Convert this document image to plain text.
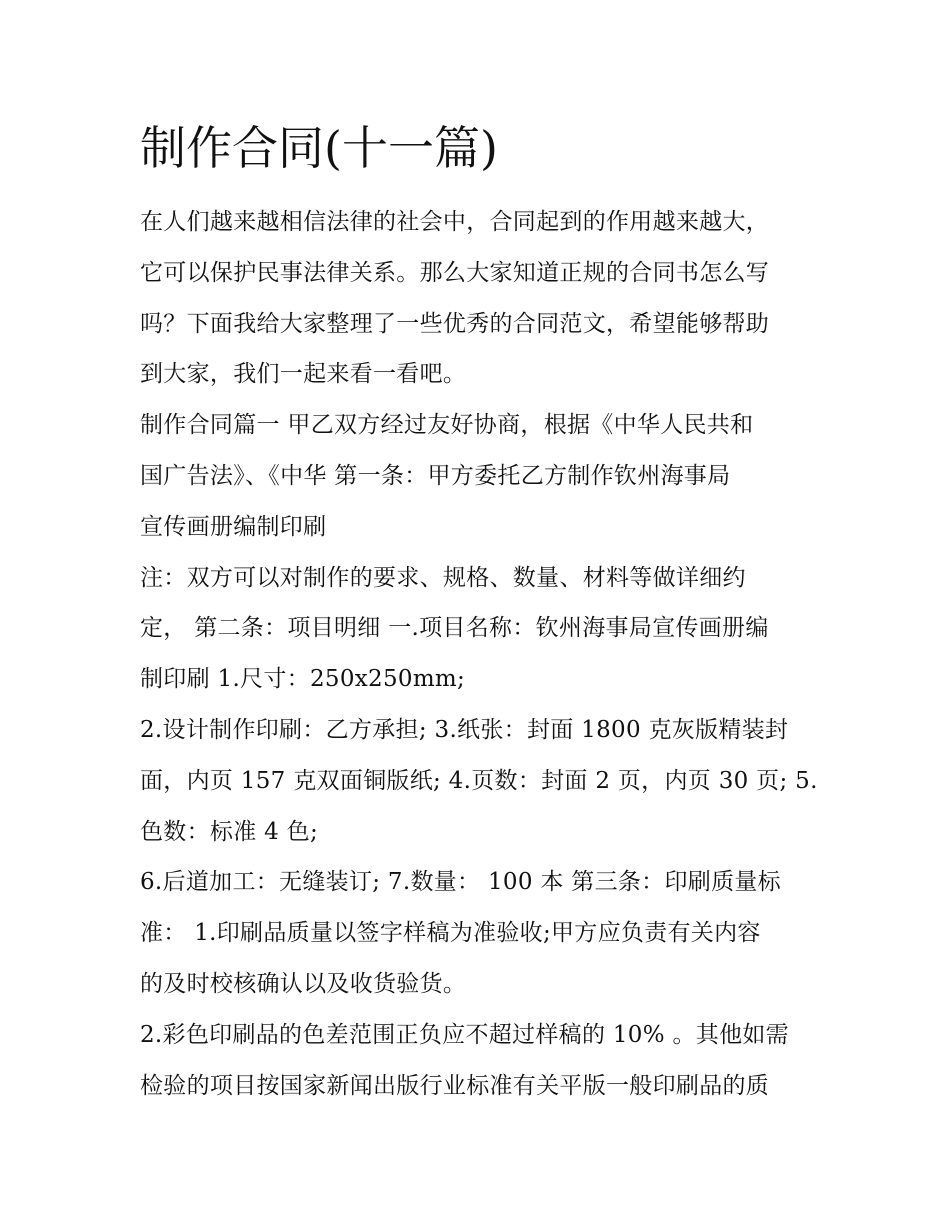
制作合同(十一篇)
在人们越来越相信法律的社会中，合同起到的作用越来越大，
它可以保护民事法律关系。那么大家知道正规的合同书怎么写
吗？下面我给大家整理了一些优秀的合同范文，希望能够帮助
到大家，我们一起来看一看吧。
制作合同篇一 甲乙双方经过友好协商，根据《中华人民共和
国广告法》、《中华 第一条：甲方委托乙方制作钦州海事局
宣传画册编制印刷
注：双方可以对制作的要求、规格、数量、材料等做详细约
定， 第二条：项目明细 一.项目名称：钦州海事局宣传画册编
制印刷 1.尺寸：250x250mm;
2.设计制作印刷：乙方承担; 3.纸张：封面 1800 克灰版精装封
面，内页 157 克双面铜版纸; 4.页数：封面 2 页，内页 30 页; 5.
色数：标准 4 色;
6.后道加工：无缝装订; 7.数量： 100 本 第三条：印刷质量标
准： 1.印刷品质量以签字样稿为准验收;甲方应负责有关内容
的及时校核确认以及收货验货。
2.彩色印刷品的色差范围正负应不超过样稿的 10% 。其他如需
检验的项目按国家新闻出版行业标准有关平版一般印刷品的质
